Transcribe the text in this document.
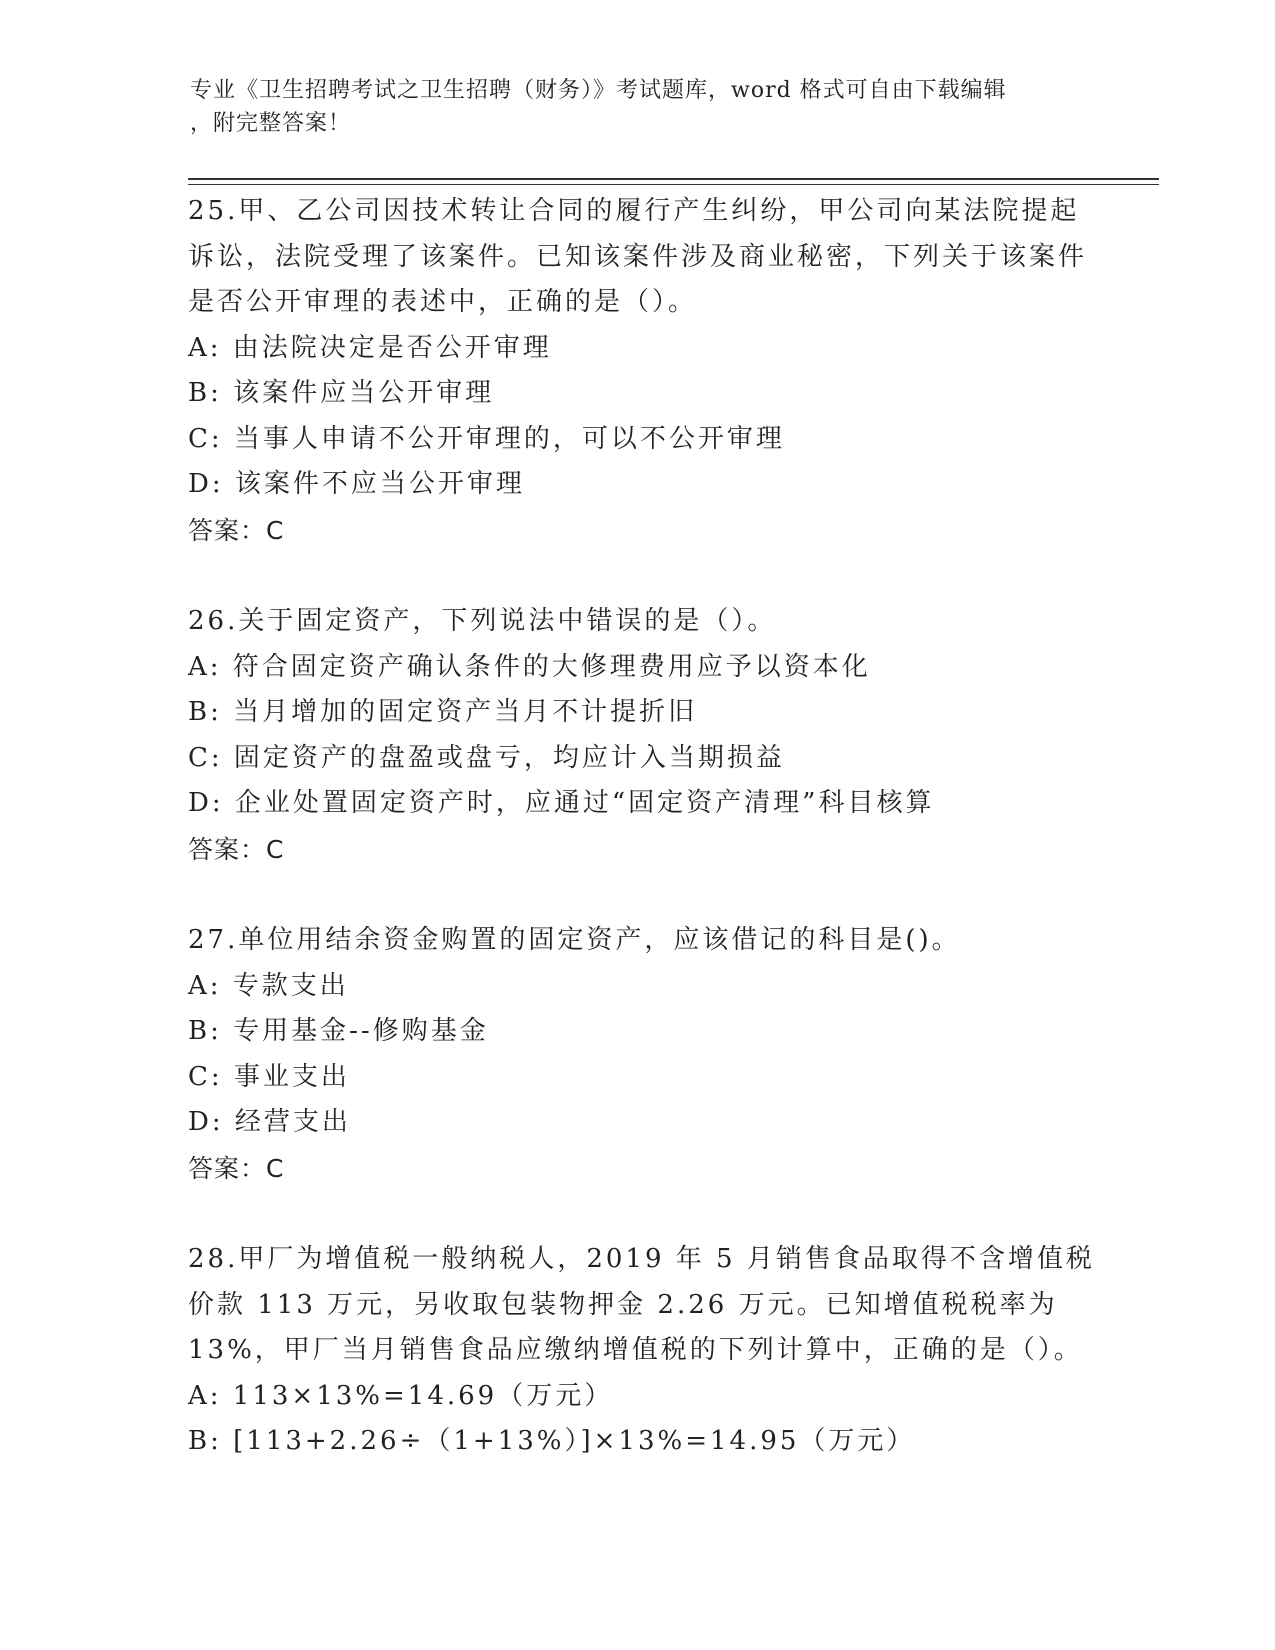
专业《卫生招聘考试之卫生招聘（财务）》考试题库，word 格式可自由下载编辑
，附完整答案！

25.甲、乙公司因技术转让合同的履行产生纠纷，甲公司向某法院提起诉讼，法院受理了该案件。已知该案件涉及商业秘密，下列关于该案件是否公开审理的表述中，正确的是（）。

A: 由法院决定是否公开审理

B: 该案件应当公开审理

C: 当事人申请不公开审理的，可以不公开审理

D: 该案件不应当公开审理

答案：C

26.关于固定资产，下列说法中错误的是（）。

A: 符合固定资产确认条件的大修理费用应予以资本化

B: 当月增加的固定资产当月不计提折旧

C: 固定资产的盘盈或盘亏，均应计入当期损益

D: 企业处置固定资产时，应通过“固定资产清理”科目核算

答案：C

27.单位用结余资金购置的固定资产，应该借记的科目是()。

A: 专款支出

B: 专用基金--修购基金

C: 事业支出

D: 经营支出

答案：C

28.甲厂为增值税一般纳税人，2019 年 5 月销售食品取得不含增值税价款 113 万元，另收取包装物押金 2.26 万元。已知增值税税率为 13%，甲厂当月销售食品应缴纳增值税的下列计算中，正确的是（）。

A: 113×13%=14.69（万元）

B: [113+2.26÷（1+13%）]×13%=14.95（万元）
